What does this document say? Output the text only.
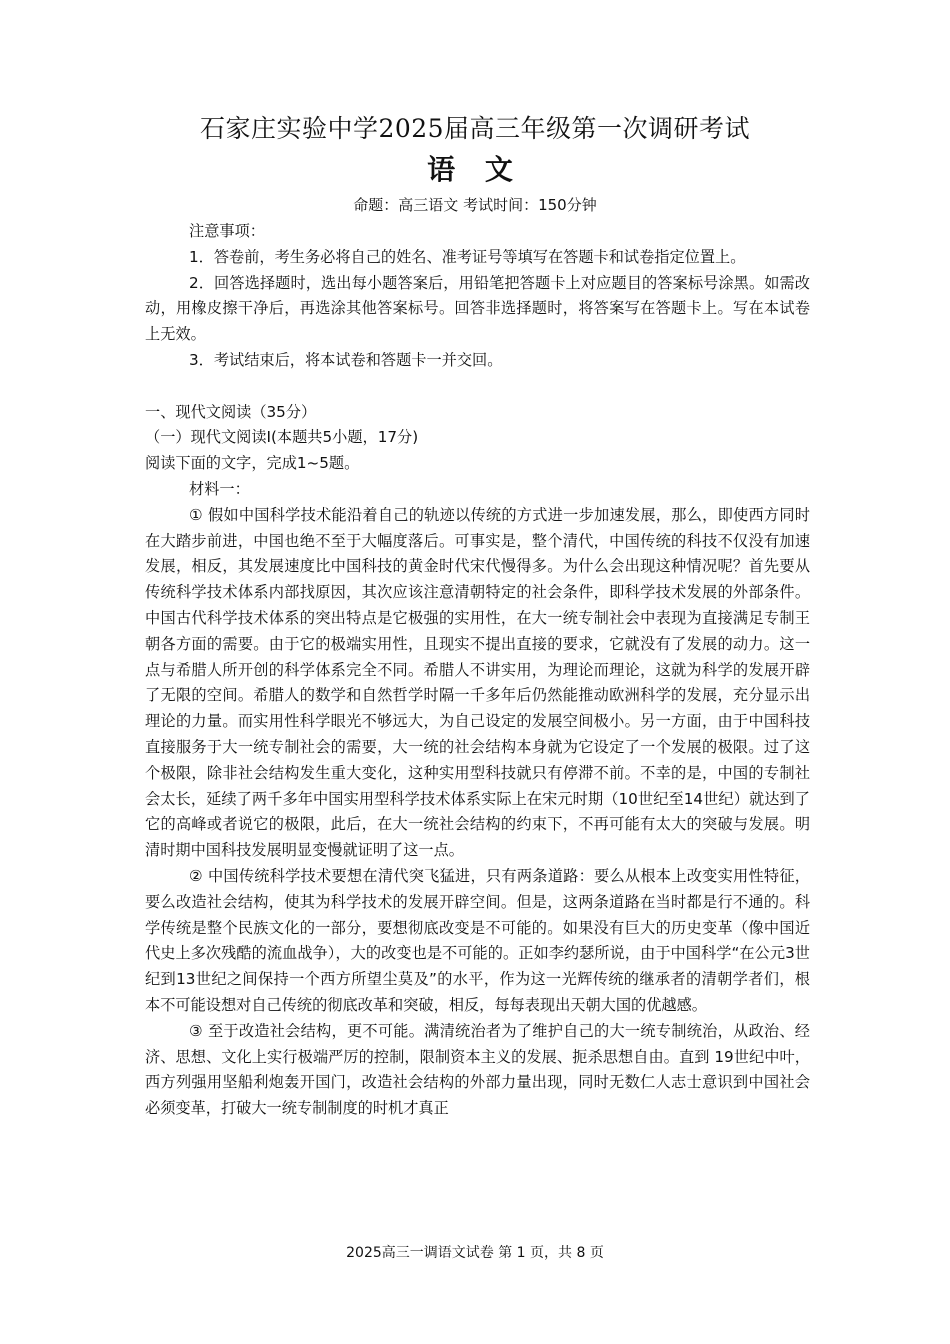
石家庄实验中学2025届高三年级第一次调研考试
语 文
命题：高三语文 考试时间：150分钟

注意事项：

1．答卷前，考生务必将自己的姓名、准考证号等填写在答题卡和试卷指定位置上。

2．回答选择题时，选出每小题答案后，用铅笔把答题卡上对应题目的答案标号涂黑。如需改动，用橡皮擦干净后，再选涂其他答案标号。回答非选择题时，将答案写在答题卡上。写在本试卷上无效。

3．考试结束后，将本试卷和答题卡一并交回。

一、现代文阅读（35分）

（一）现代文阅读Ⅰ(本题共5小题，17分)

阅读下面的文字，完成1~5题。

材料一：

① 假如中国科学技术能沿着自己的轨迹以传统的方式进一步加速发展，那么，即使西方同时在大踏步前进，中国也绝不至于大幅度落后。可事实是，整个清代，中国传统的科技不仅没有加速发展，相反，其发展速度比中国科技的黄金时代宋代慢得多。为什么会出现这种情况呢？首先要从传统科学技术体系内部找原因，其次应该注意清朝特定的社会条件，即科学技术发展的外部条件。中国古代科学技术体系的突出特点是它极强的实用性，在大一统专制社会中表现为直接满足专制王朝各方面的需要。由于它的极端实用性，且现实不提出直接的要求，它就没有了发展的动力。这一点与希腊人所开创的科学体系完全不同。希腊人不讲实用，为理论而理论，这就为科学的发展开辟了无限的空间。希腊人的数学和自然哲学时隔一千多年后仍然能推动欧洲科学的发展，充分显示出理论的力量。而实用性科学眼光不够远大，为自己设定的发展空间极小。另一方面，由于中国科技直接服务于大一统专制社会的需要，大一统的社会结构本身就为它设定了一个发展的极限。过了这个极限，除非社会结构发生重大变化，这种实用型科技就只有停滞不前。不幸的是，中国的专制社会太长，延续了两千多年中国实用型科学技术体系实际上在宋元时期（10世纪至14世纪）就达到了它的高峰或者说它的极限，此后，在大一统社会结构的约束下，不再可能有太大的突破与发展。明清时期中国科技发展明显变慢就证明了这一点。

② 中国传统科学技术要想在清代突飞猛进，只有两条道路：要么从根本上改变实用性特征，要么改造社会结构，使其为科学技术的发展开辟空间。但是，这两条道路在当时都是行不通的。科学传统是整个民族文化的一部分，要想彻底改变是不可能的。如果没有巨大的历史变革（像中国近代史上多次残酷的流血战争），大的改变也是不可能的。正如李约瑟所说，由于中国科学“在公元3世纪到13世纪之间保持一个西方所望尘莫及”的水平，作为这一光辉传统的继承者的清朝学者们，根本不可能设想对自己传统的彻底改革和突破，相反，每每表现出天朝大国的优越感。

③ 至于改造社会结构，更不可能。满清统治者为了维护自己的大一统专制统治，从政治、经济、思想、文化上实行极端严厉的控制，限制资本主义的发展、扼杀思想自由。直到 19世纪中叶，西方列强用坚船利炮轰开国门，改造社会结构的外部力量出现，同时无数仁人志士意识到中国社会必须变革，打破大一统专制制度的时机才真正

2025高三一调语文试卷 第 1 页，共 8 页
